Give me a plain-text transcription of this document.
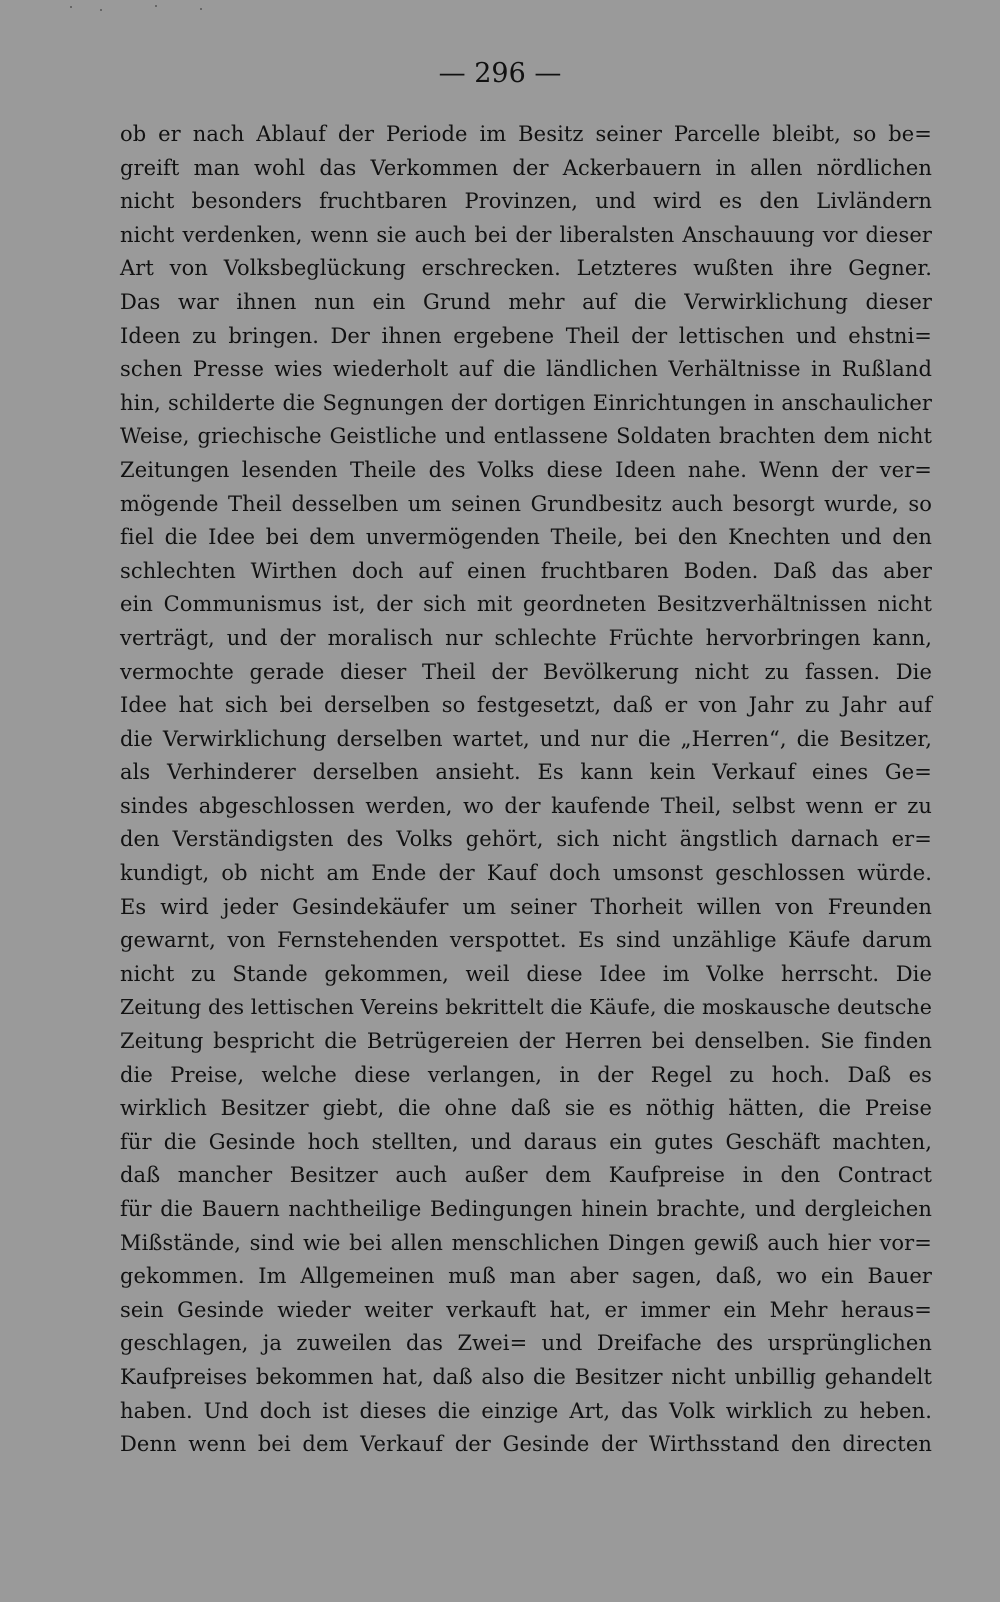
— 296 —

ob er nach Ablauf der Periode im Besitz seiner Parcelle bleibt, so be=
greift man wohl das Verkommen der Ackerbauern in allen nördlichen
nicht besonders fruchtbaren Provinzen, und wird es den Livländern
nicht verdenken, wenn sie auch bei der liberalsten Anschauung vor dieser
Art von Volksbeglückung erschrecken. Letzteres wußten ihre Gegner.
Das war ihnen nun ein Grund mehr auf die Verwirklichung dieser
Ideen zu bringen. Der ihnen ergebene Theil der lettischen und ehstni=
schen Presse wies wiederholt auf die ländlichen Verhältnisse in Rußland
hin, schilderte die Segnungen der dortigen Einrichtungen in anschaulicher
Weise, griechische Geistliche und entlassene Soldaten brachten dem nicht
Zeitungen lesenden Theile des Volks diese Ideen nahe. Wenn der ver=
mögende Theil desselben um seinen Grundbesitz auch besorgt wurde, so
fiel die Idee bei dem unvermögenden Theile, bei den Knechten und den
schlechten Wirthen doch auf einen fruchtbaren Boden. Daß das aber
ein Communismus ist, der sich mit geordneten Besitzverhältnissen nicht
verträgt, und der moralisch nur schlechte Früchte hervorbringen kann,
vermochte gerade dieser Theil der Bevölkerung nicht zu fassen. Die
Idee hat sich bei derselben so festgesetzt, daß er von Jahr zu Jahr auf
die Verwirklichung derselben wartet, und nur die „Herren“, die Besitzer,
als Verhinderer derselben ansieht. Es kann kein Verkauf eines Ge=
sindes abgeschlossen werden, wo der kaufende Theil, selbst wenn er zu
den Verständigsten des Volks gehört, sich nicht ängstlich darnach er=
kundigt, ob nicht am Ende der Kauf doch umsonst geschlossen würde.
Es wird jeder Gesindekäufer um seiner Thorheit willen von Freunden
gewarnt, von Fernstehenden verspottet. Es sind unzählige Käufe darum
nicht zu Stande gekommen, weil diese Idee im Volke herrscht. Die
Zeitung des lettischen Vereins bekrittelt die Käufe, die moskausche deutsche
Zeitung bespricht die Betrügereien der Herren bei denselben. Sie finden
die Preise, welche diese verlangen, in der Regel zu hoch. Daß es
wirklich Besitzer giebt, die ohne daß sie es nöthig hätten, die Preise
für die Gesinde hoch stellten, und daraus ein gutes Geschäft machten,
daß mancher Besitzer auch außer dem Kaufpreise in den Contract
für die Bauern nachtheilige Bedingungen hinein brachte, und dergleichen
Mißstände, sind wie bei allen menschlichen Dingen gewiß auch hier vor=
gekommen. Im Allgemeinen muß man aber sagen, daß, wo ein Bauer
sein Gesinde wieder weiter verkauft hat, er immer ein Mehr heraus=
geschlagen, ja zuweilen das Zwei= und Dreifache des ursprünglichen
Kaufpreises bekommen hat, daß also die Besitzer nicht unbillig gehandelt
haben. Und doch ist dieses die einzige Art, das Volk wirklich zu heben.
Denn wenn bei dem Verkauf der Gesinde der Wirthsstand den directen
